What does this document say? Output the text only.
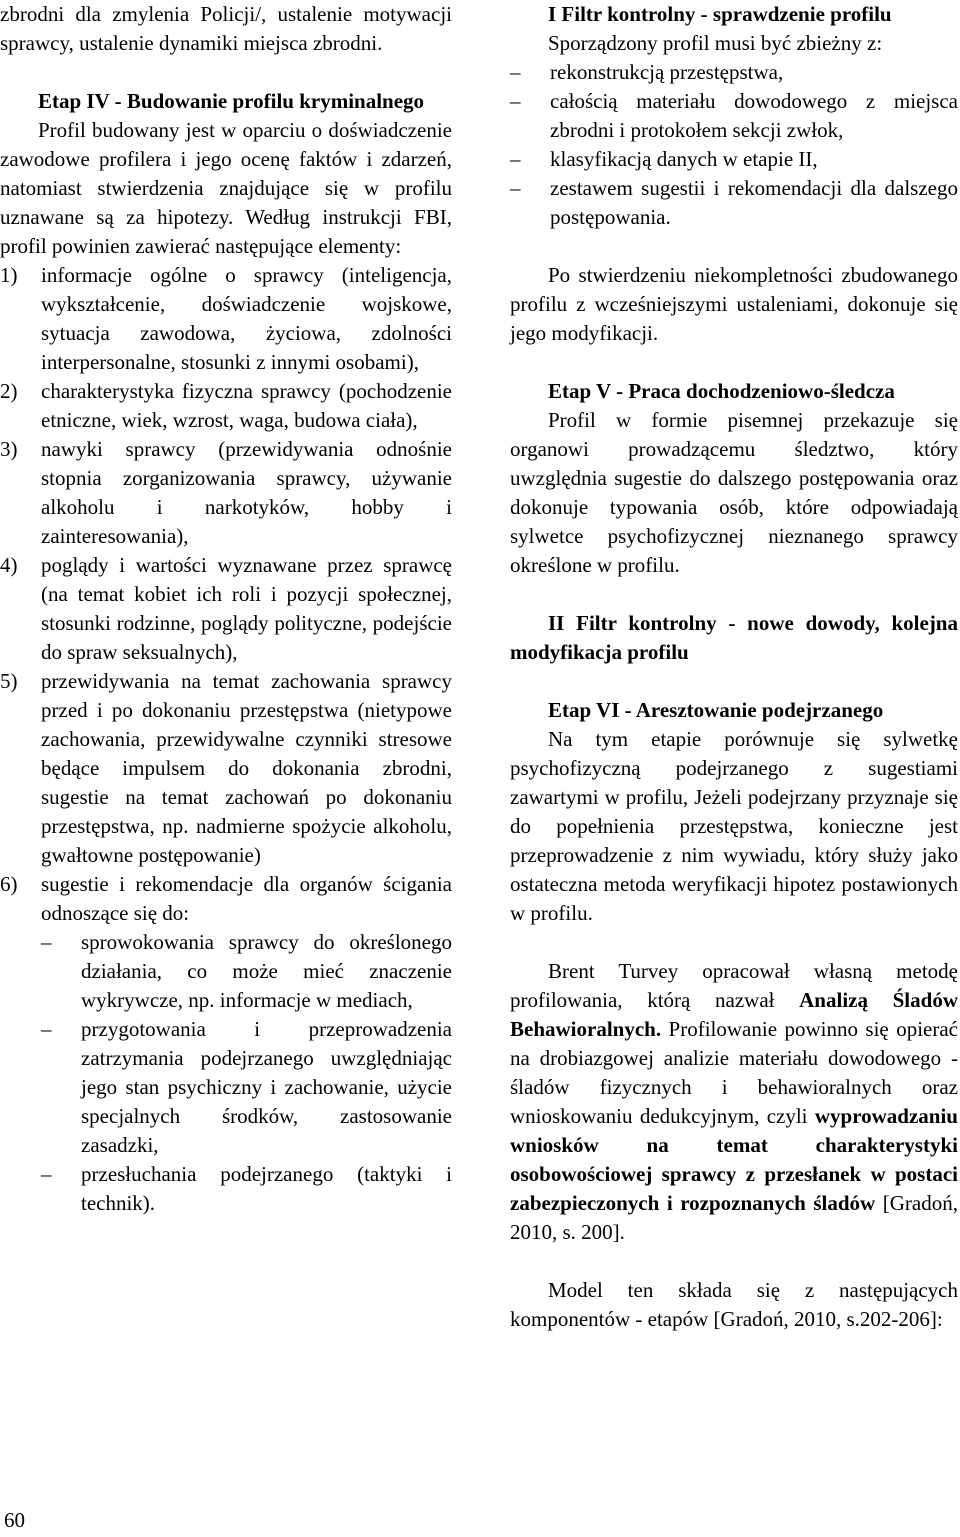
zbrodni dla zmylenia Policji/, ustalenie motywacji sprawcy, ustalenie dynamiki miejsca zbrodni.

Etap IV - Budowanie profilu kryminalnego

Profil budowany jest w oparciu o doświadczenie zawodowe profilera i jego ocenę faktów i zdarzeń, natomiast stwierdzenia znajdujące się w profilu uznawane są za hipotezy. Według instrukcji FBI, profil powinien zawierać następujące elementy:

1)	informacje ogólne o sprawcy (inteligencja, wykształcenie, doświadczenie wojskowe, sytuacja zawodowa, życiowa, zdolności interpersonalne, stosunki z innymi osobami),
2)	charakterystyka fizyczna sprawcy (pochodzenie etniczne, wiek, wzrost, waga, budowa ciała),
3)	nawyki sprawcy (przewidywania odnośnie stopnia zorganizowania sprawcy, używanie alkoholu i narkotyków, hobby i zainteresowania),
4)	poglądy i wartości wyznawane przez sprawcę (na temat kobiet ich roli i pozycji społecznej, stosunki rodzinne, poglądy polityczne, podejście do spraw seksualnych),
5)	przewidywania na temat zachowania sprawcy przed i po dokonaniu przestępstwa (nietypowe zachowania, przewidywalne czynniki stresowe będące impulsem do dokonania zbrodni, sugestie na temat zachowań po dokonaniu przestępstwa, np. nadmierne spożycie alkoholu, gwałtowne postępowanie)
6)	sugestie i rekomendacje dla organów ścigania odnoszące się do:
–	sprowokowania sprawcy do określonego działania, co może mieć znaczenie wykrywcze, np. informacje w mediach,
–	przygotowania i przeprowadzenia zatrzymania podejrzanego uwzględniając jego stan psychiczny i zachowanie, użycie specjalnych środków, zastosowanie zasadzki,
–	przesłuchania podejrzanego (taktyki i technik).

I Filtr kontrolny - sprawdzenie profilu

Sporządzony profil musi być zbieżny z:

–	rekonstrukcją przestępstwa,
–	całością materiału dowodowego z miejsca zbrodni i protokołem sekcji zwłok,
–	klasyfikacją danych w etapie II,
–	zestawem sugestii i rekomendacji dla dalszego postępowania.

Po stwierdzeniu niekompletności zbudowanego profilu z wcześniejszymi ustaleniami, dokonuje się jego modyfikacji.

Etap V - Praca dochodzeniowo-śledcza

Profil w formie pisemnej przekazuje się organowi prowadzącemu śledztwo, który uwzględnia sugestie do dalszego postępowania oraz dokonuje typowania osób, które odpowiadają sylwetce psychofizycznej nieznanego sprawcy określone w profilu.

II Filtr kontrolny - nowe dowody, kolejna modyfikacja profilu

Etap VI - Aresztowanie podejrzanego

Na tym etapie porównuje się sylwetkę psychofizyczną podejrzanego z sugestiami zawartymi w profilu, Jeżeli podejrzany przyznaje się do popełnienia przestępstwa, konieczne jest przeprowadzenie z nim wywiadu, który służy jako ostateczna metoda weryfikacji hipotez postawionych w profilu.

Brent Turvey opracował własną metodę profilowania, którą nazwał Analizą Śladów Behawioralnych. Profilowanie powinno się opierać na drobiazgowej analizie materiału dowodowego - śladów fizycznych i behawioralnych oraz wnioskowaniu dedukcyjnym, czyli wyprowadzaniu wniosków na temat charakterystyki osobowościowej sprawcy z przesłanek w postaci zabezpieczonych i rozpoznanych śladów [Gradoń, 2010, s. 200].

Model ten składa się z następujących komponentów - etapów [Gradoń, 2010, s.202-206]:

60
